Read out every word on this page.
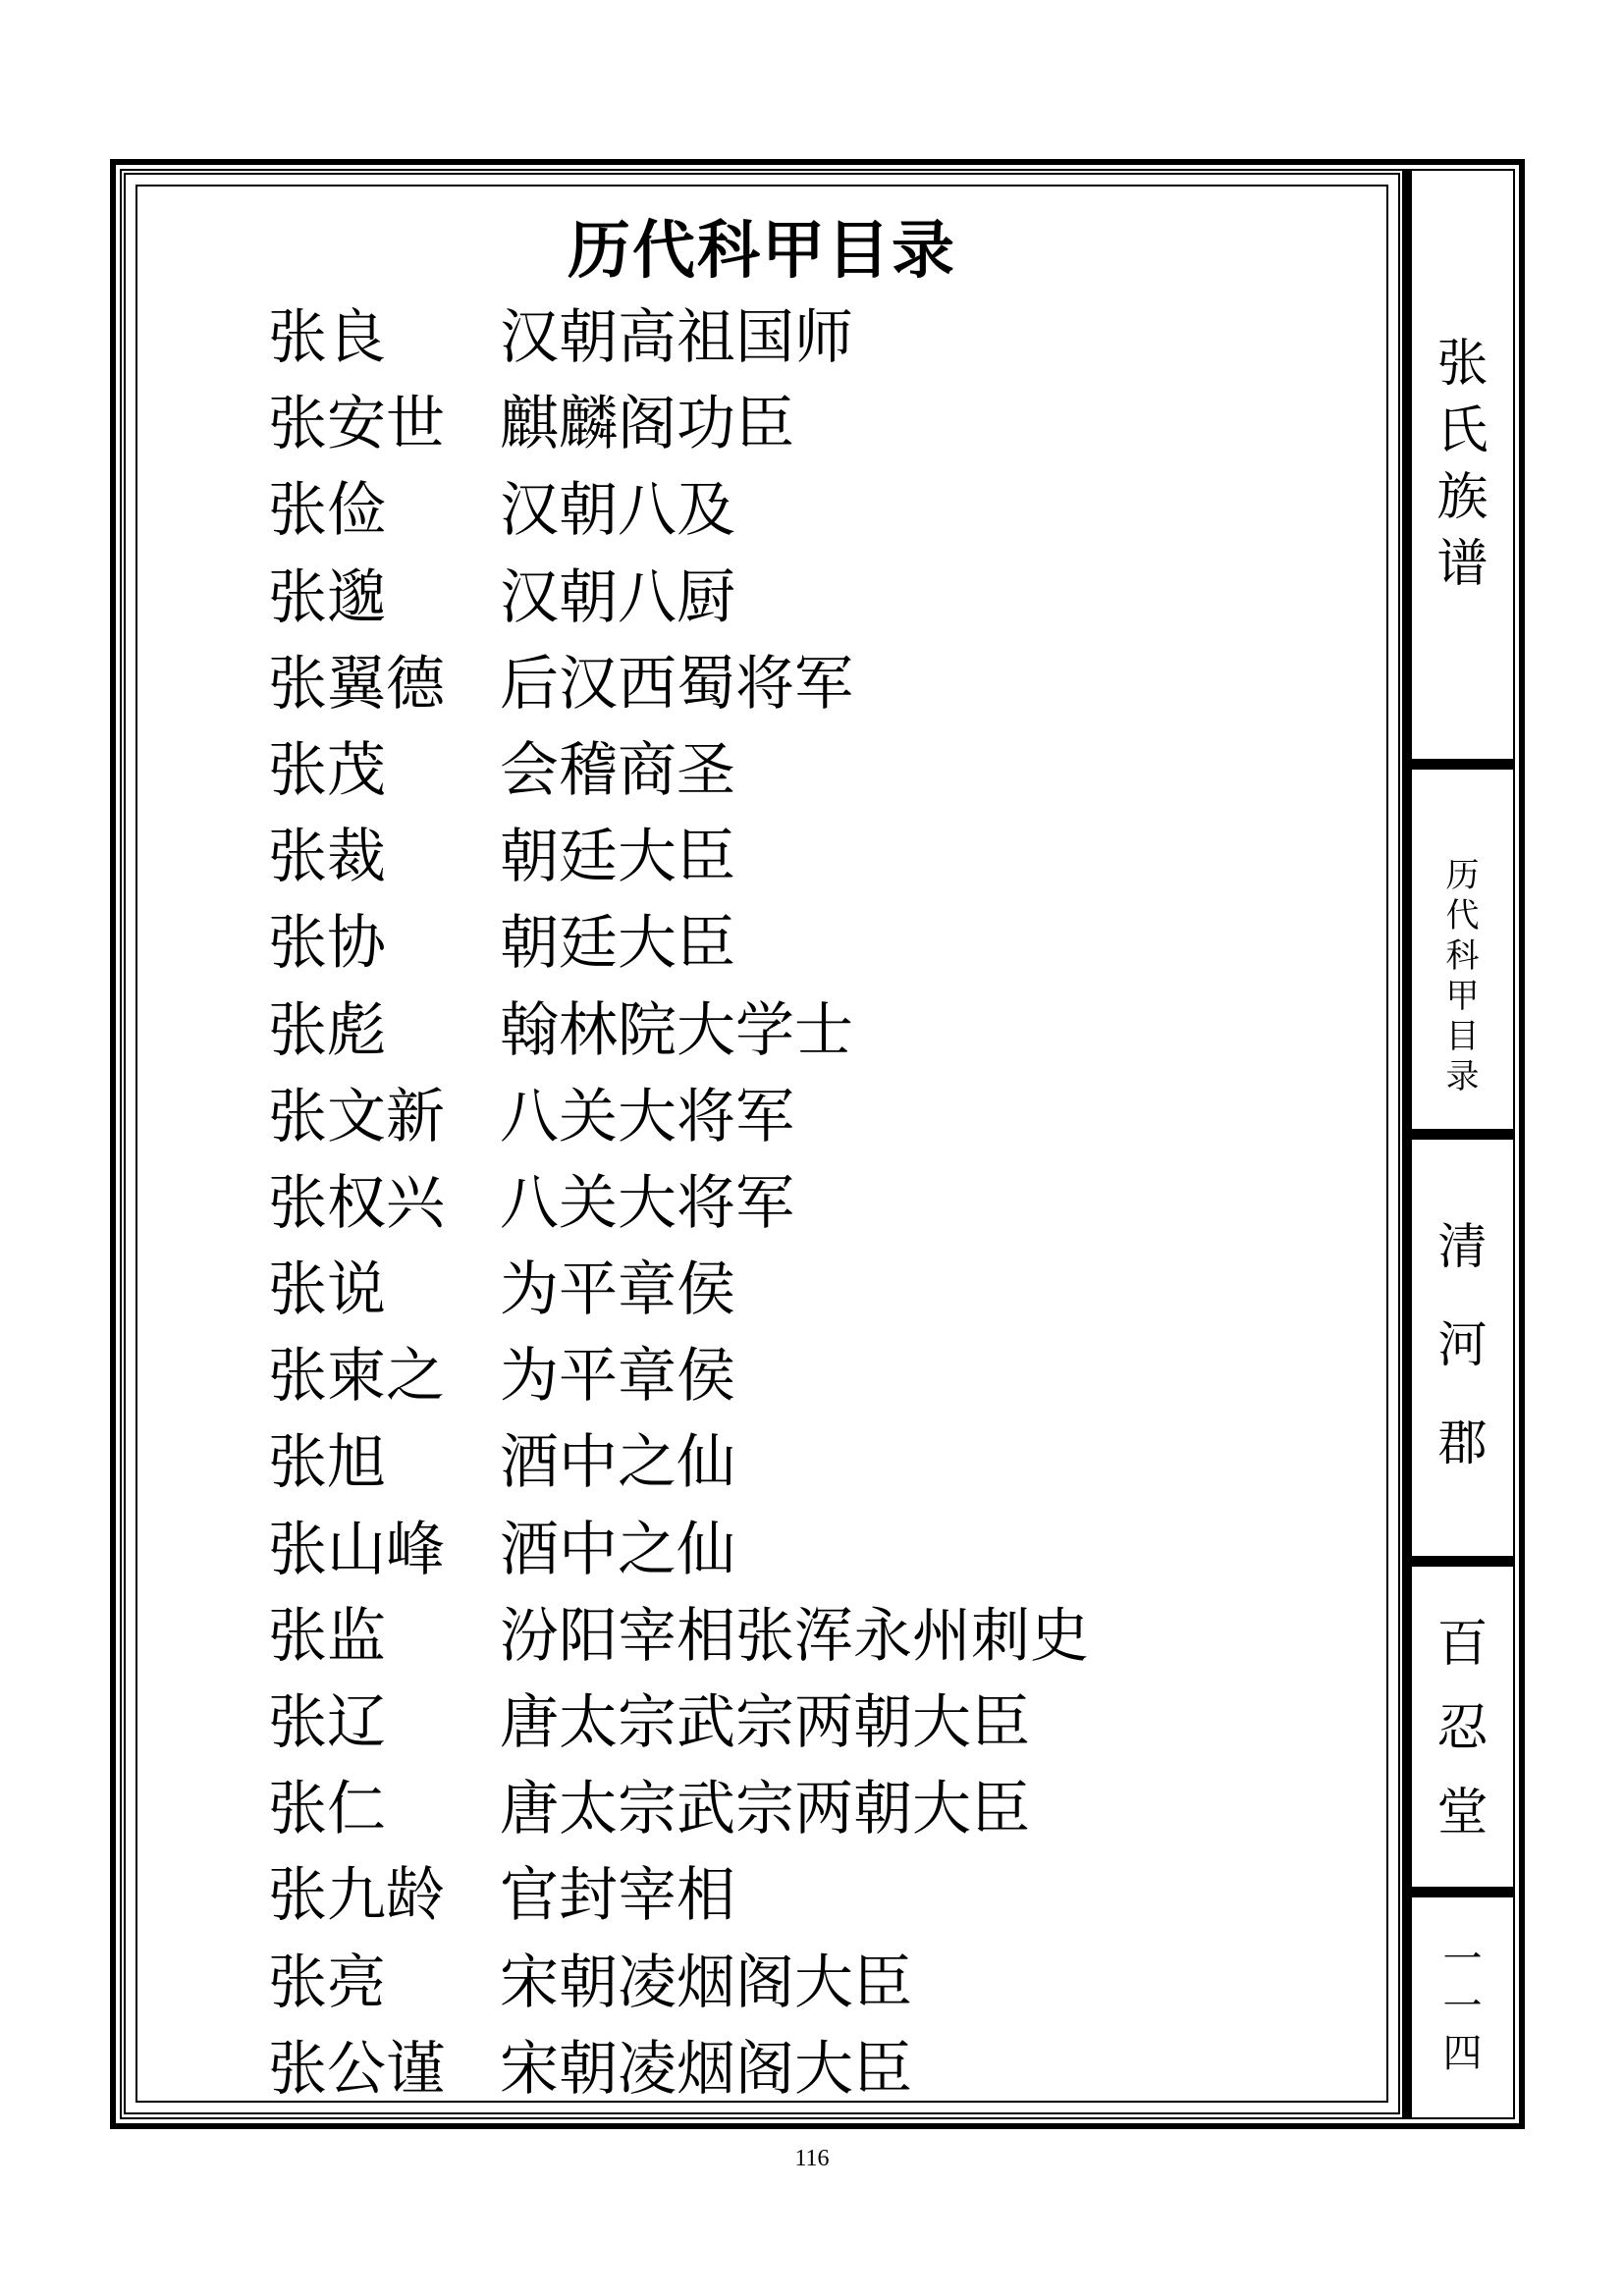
历代科甲目录
张良 汉朝高祖国师
张安世 麒麟阁功臣
张俭 汉朝八及
张邈 汉朝八厨
张翼德 后汉西蜀将军
张茂 会稽商圣
张裁 朝廷大臣
张协 朝廷大臣
张彪 翰林院大学士
张文新 八关大将军
张权兴 八关大将军
张说 为平章侯
张柬之 为平章侯
张旭 酒中之仙
张山峰 酒中之仙
张监 汾阳宰相张浑永州刺史
张辽 唐太宗武宗两朝大臣
张仁 唐太宗武宗两朝大臣
张九龄 官封宰相
张亮 宋朝凌烟阁大臣
张公谨 宋朝凌烟阁大臣
张
氏
族
谱
历
代
科
甲
目
录
清
河
郡
百
忍
堂
一
一
四
116
